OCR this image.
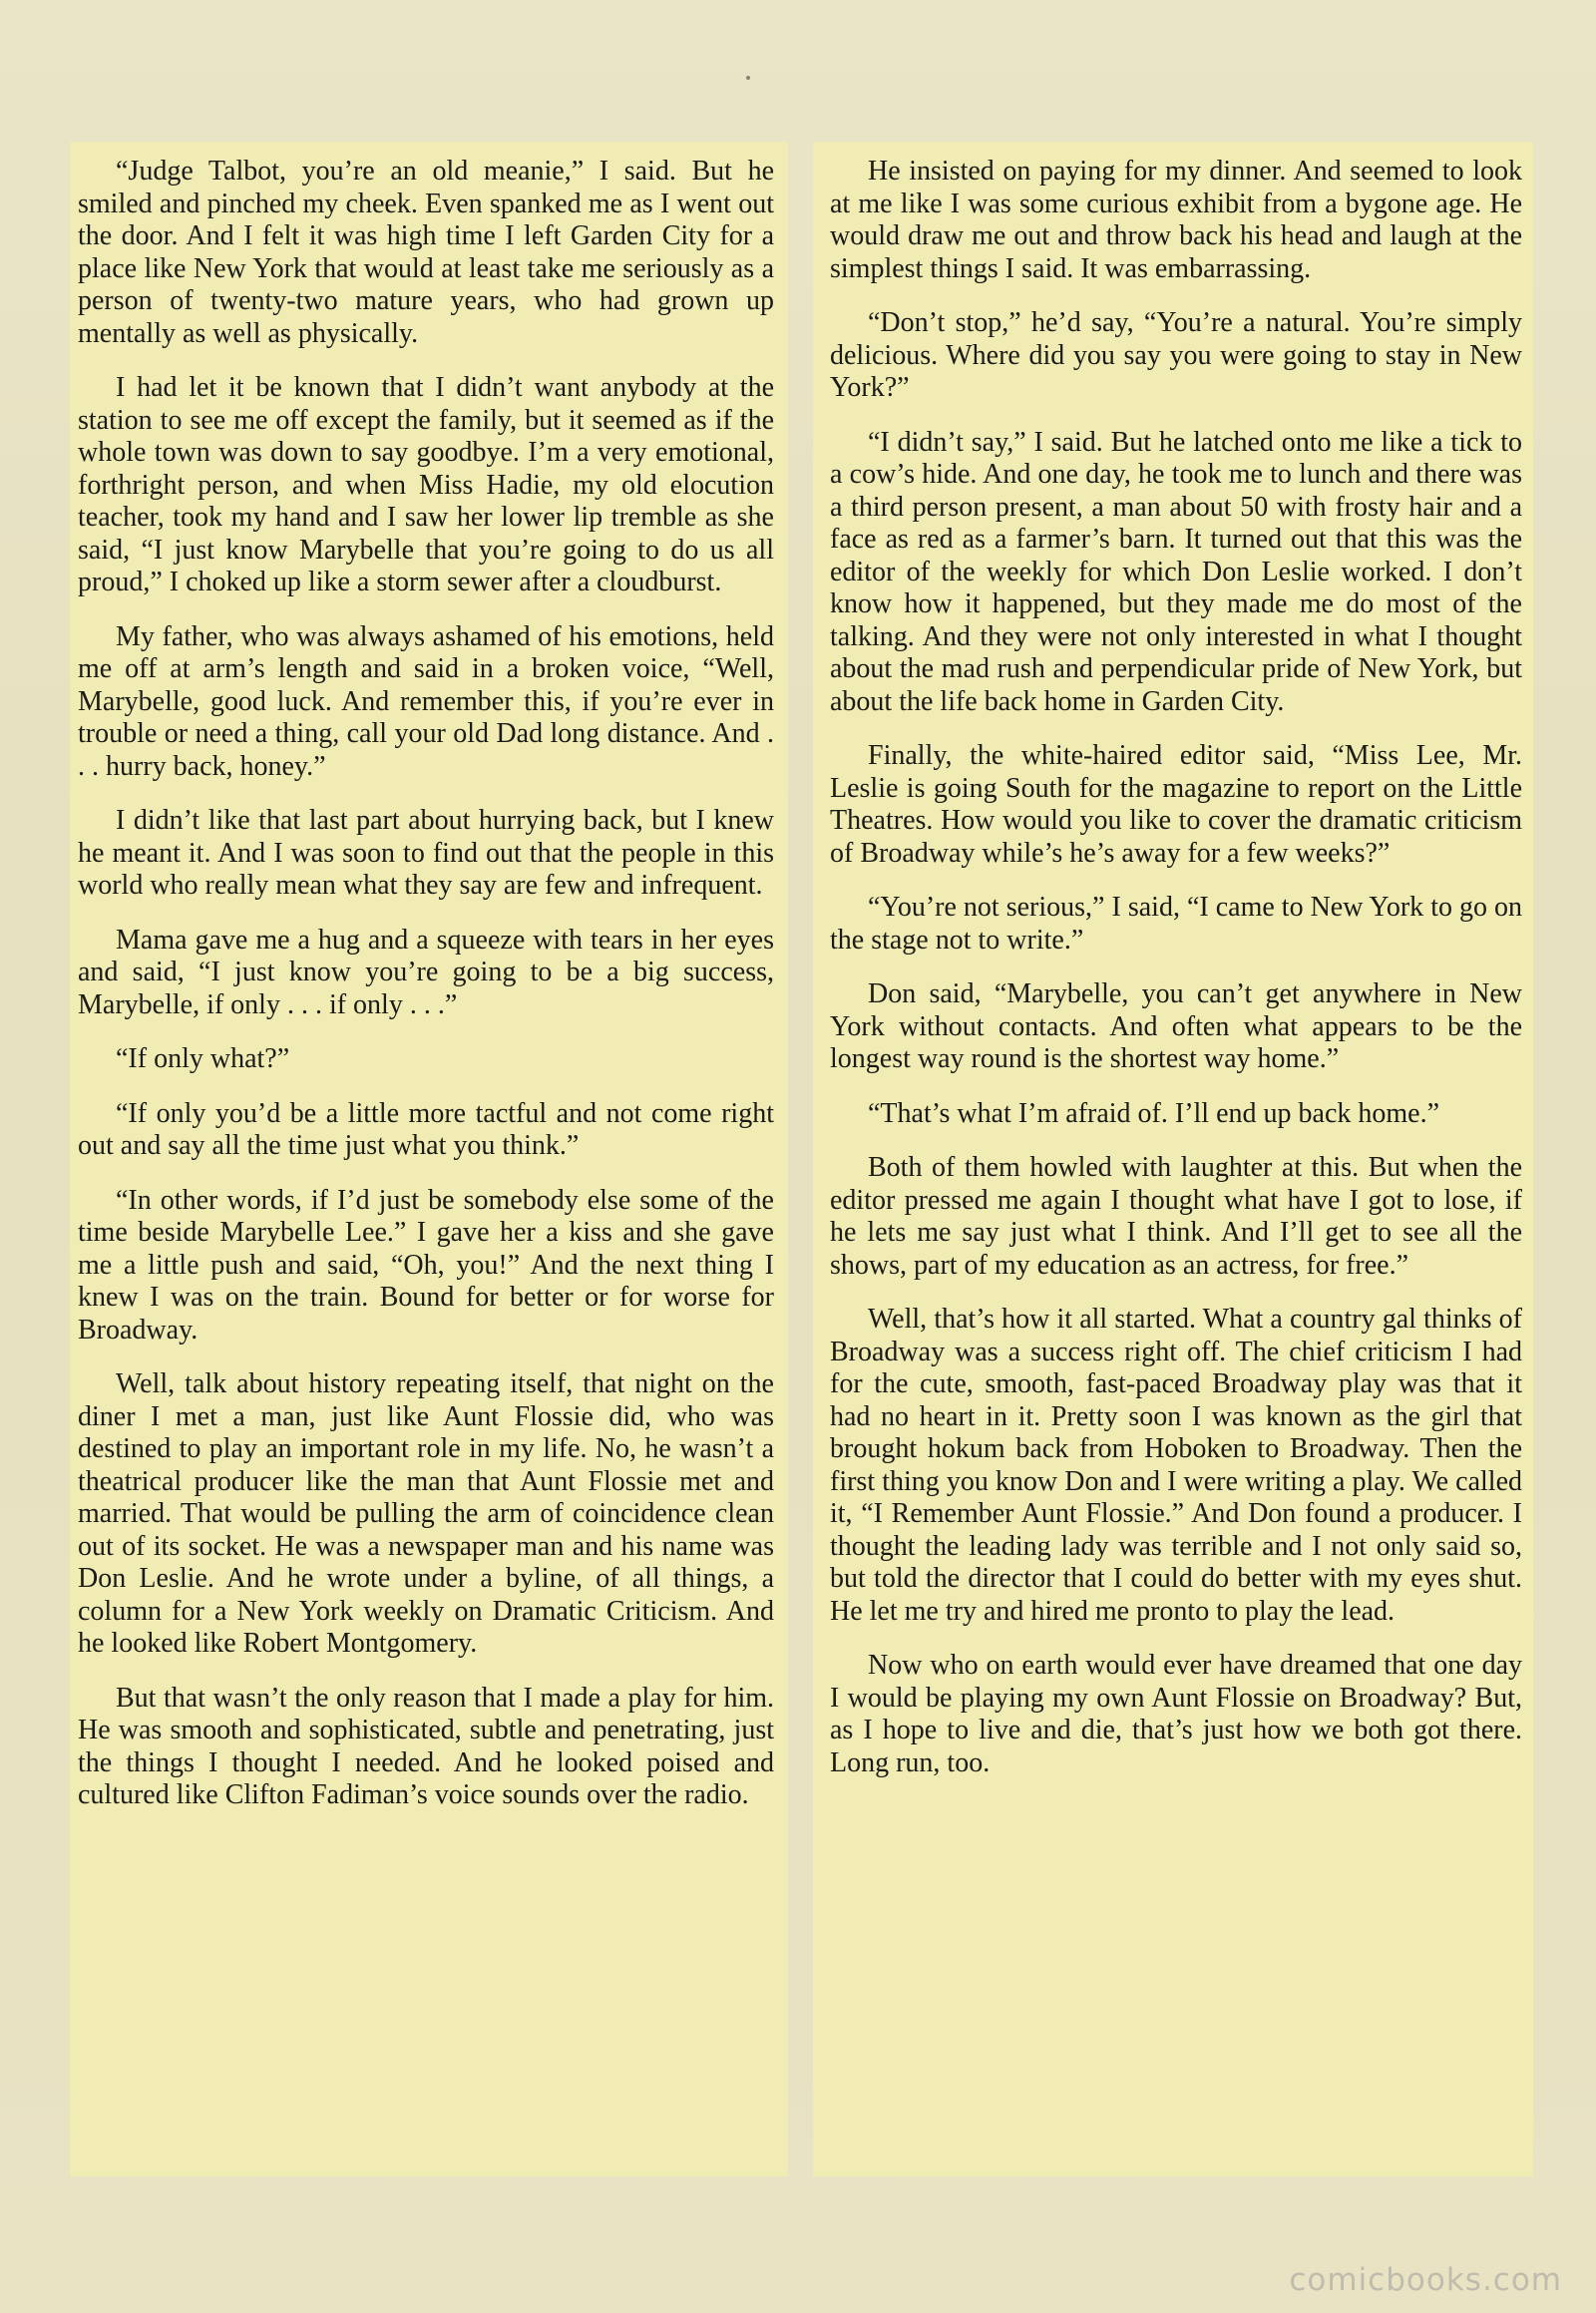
“Judge Talbot, you’re an old meanie,” I said. But he smiled and pinched my cheek. Even spanked me as I went out the door. And I felt it was high time I left Garden City for a place like New York that would at least take me seriously as a person of twenty-two mature years, who had grown up mentally as well as physically.

I had let it be known that I didn’t want anybody at the station to see me off except the family, but it seemed as if the whole town was down to say goodbye. I’m a very emotional, forthright person, and when Miss Hadie, my old elocution teacher, took my hand and I saw her lower lip tremble as she said, “I just know Marybelle that you’re going to do us all proud,” I choked up like a storm sewer after a cloudburst.

My father, who was always ashamed of his emotions, held me off at arm’s length and said in a broken voice, “Well, Marybelle, good luck. And remember this, if you’re ever in trouble or need a thing, call your old Dad long distance. And . . . hurry back, honey.”

I didn’t like that last part about hurrying back, but I knew he meant it. And I was soon to find out that the people in this world who really mean what they say are few and infrequent.

Mama gave me a hug and a squeeze with tears in her eyes and said, “I just know you’re going to be a big success, Marybelle, if only . . . if only . . .”

“If only what?”

“If only you’d be a little more tactful and not come right out and say all the time just what you think.”

“In other words, if I’d just be somebody else some of the time beside Marybelle Lee.” I gave her a kiss and she gave me a little push and said, “Oh, you!” And the next thing I knew I was on the train. Bound for better or for worse for Broadway.

Well, talk about history repeating itself, that night on the diner I met a man, just like Aunt Flossie did, who was destined to play an important role in my life. No, he wasn’t a theatrical producer like the man that Aunt Flossie met and married. That would be pulling the arm of coincidence clean out of its socket. He was a newspaper man and his name was Don Leslie. And he wrote under a byline, of all things, a column for a New York weekly on Dramatic Criticism. And he looked like Robert Montgomery.

But that wasn’t the only reason that I made a play for him. He was smooth and sophisticated, subtle and penetrating, just the things I thought I needed. And he looked poised and cultured like Clifton Fadiman’s voice sounds over the radio.

He insisted on paying for my dinner. And seemed to look at me like I was some curious exhibit from a bygone age. He would draw me out and throw back his head and laugh at the simplest things I said. It was embarrassing.

“Don’t stop,” he’d say, “You’re a natural. You’re simply delicious. Where did you say you were going to stay in New York?”

“I didn’t say,” I said. But he latched onto me like a tick to a cow’s hide. And one day, he took me to lunch and there was a third person present, a man about 50 with frosty hair and a face as red as a farmer’s barn. It turned out that this was the editor of the weekly for which Don Leslie worked. I don’t know how it happened, but they made me do most of the talking. And they were not only interested in what I thought about the mad rush and perpendicular pride of New York, but about the life back home in Garden City.

Finally, the white-haired editor said, “Miss Lee, Mr. Leslie is going South for the magazine to report on the Little Theatres. How would you like to cover the dramatic criticism of Broadway while’s he’s away for a few weeks?”

“You’re not serious,” I said, “I came to New York to go on the stage not to write.”

Don said, “Marybelle, you can’t get anywhere in New York without contacts. And often what appears to be the longest way round is the shortest way home.”

“That’s what I’m afraid of. I’ll end up back home.”

Both of them howled with laughter at this. But when the editor pressed me again I thought what have I got to lose, if he lets me say just what I think. And I’ll get to see all the shows, part of my education as an actress, for free.”

Well, that’s how it all started. What a country gal thinks of Broadway was a success right off. The chief criticism I had for the cute, smooth, fast-paced Broadway play was that it had no heart in it. Pretty soon I was known as the girl that brought hokum back from Hoboken to Broadway. Then the first thing you know Don and I were writing a play. We called it, “I Remember Aunt Flossie.” And Don found a producer. I thought the leading lady was terrible and I not only said so, but told the director that I could do better with my eyes shut. He let me try and hired me pronto to play the lead.

Now who on earth would ever have dreamed that one day I would be playing my own Aunt Flossie on Broadway? But, as I hope to live and die, that’s just how we both got there. Long run, too.

comicbooks.com
